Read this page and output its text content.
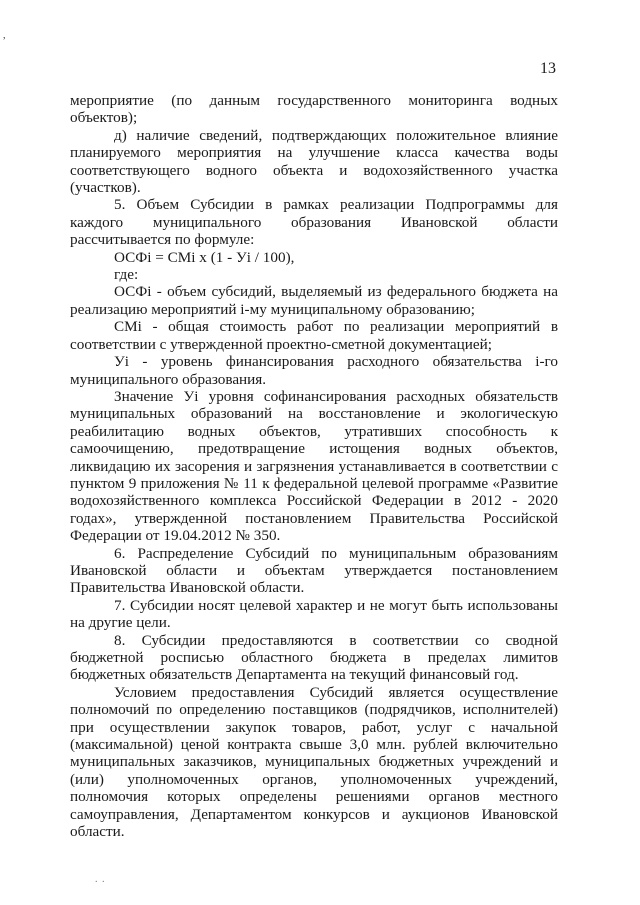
,
13

мероприятие (по данным государственного мониторинга водных объектов);

д) наличие сведений, подтверждающих положительное влияние планируемого мероприятия на улучшение класса качества воды соответствующего водного объекта и водохозяйственного участка (участков).

5. Объем Субсидии в рамках реализации Подпрограммы для каждого муниципального образования Ивановской области рассчитывается по формуле:

ОСФi = СМi x (1 - Уi / 100),

где:

ОСФi - объем субсидий, выделяемый из федерального бюджета на реализацию мероприятий i-му муниципальному образованию;

СМi - общая стоимость работ по реализации мероприятий в соответствии с утвержденной проектно-сметной документацией;

Уi - уровень финансирования расходного обязательства i-го муниципального образования.

Значение Уi уровня софинансирования расходных обязательств муниципальных образований на восстановление и экологическую реабилитацию водных объектов, утративших способность к самоочищению, предотвращение истощения водных объектов, ликвидацию их засорения и загрязнения устанавливается в соответствии с пунктом 9 приложения № 11 к федеральной целевой программе «Развитие водохозяйственного комплекса Российской Федерации в 2012 - 2020 годах», утвержденной постановлением Правительства Российской Федерации от 19.04.2012 № 350.

6. Распределение Субсидий по муниципальным образованиям Ивановской области и объектам утверждается постановлением Правительства Ивановской области.

7. Субсидии носят целевой характер и не могут быть использованы на другие цели.

8. Субсидии предоставляются в соответствии со сводной бюджетной росписью областного бюджета в пределах лимитов бюджетных обязательств Департамента на текущий финансовый год.

Условием предоставления Субсидий является осуществление полномочий по определению поставщиков (подрядчиков, исполнителей) при осуществлении закупок товаров, работ, услуг с начальной (максимальной) ценой контракта свыше 3,0 млн. рублей включительно муниципальных заказчиков, муниципальных бюджетных учреждений и (или) уполномоченных органов, уполномоченных учреждений, полномочия которых определены решениями органов местного самоуправления, Департаментом конкурсов и аукционов Ивановской области.

. .
